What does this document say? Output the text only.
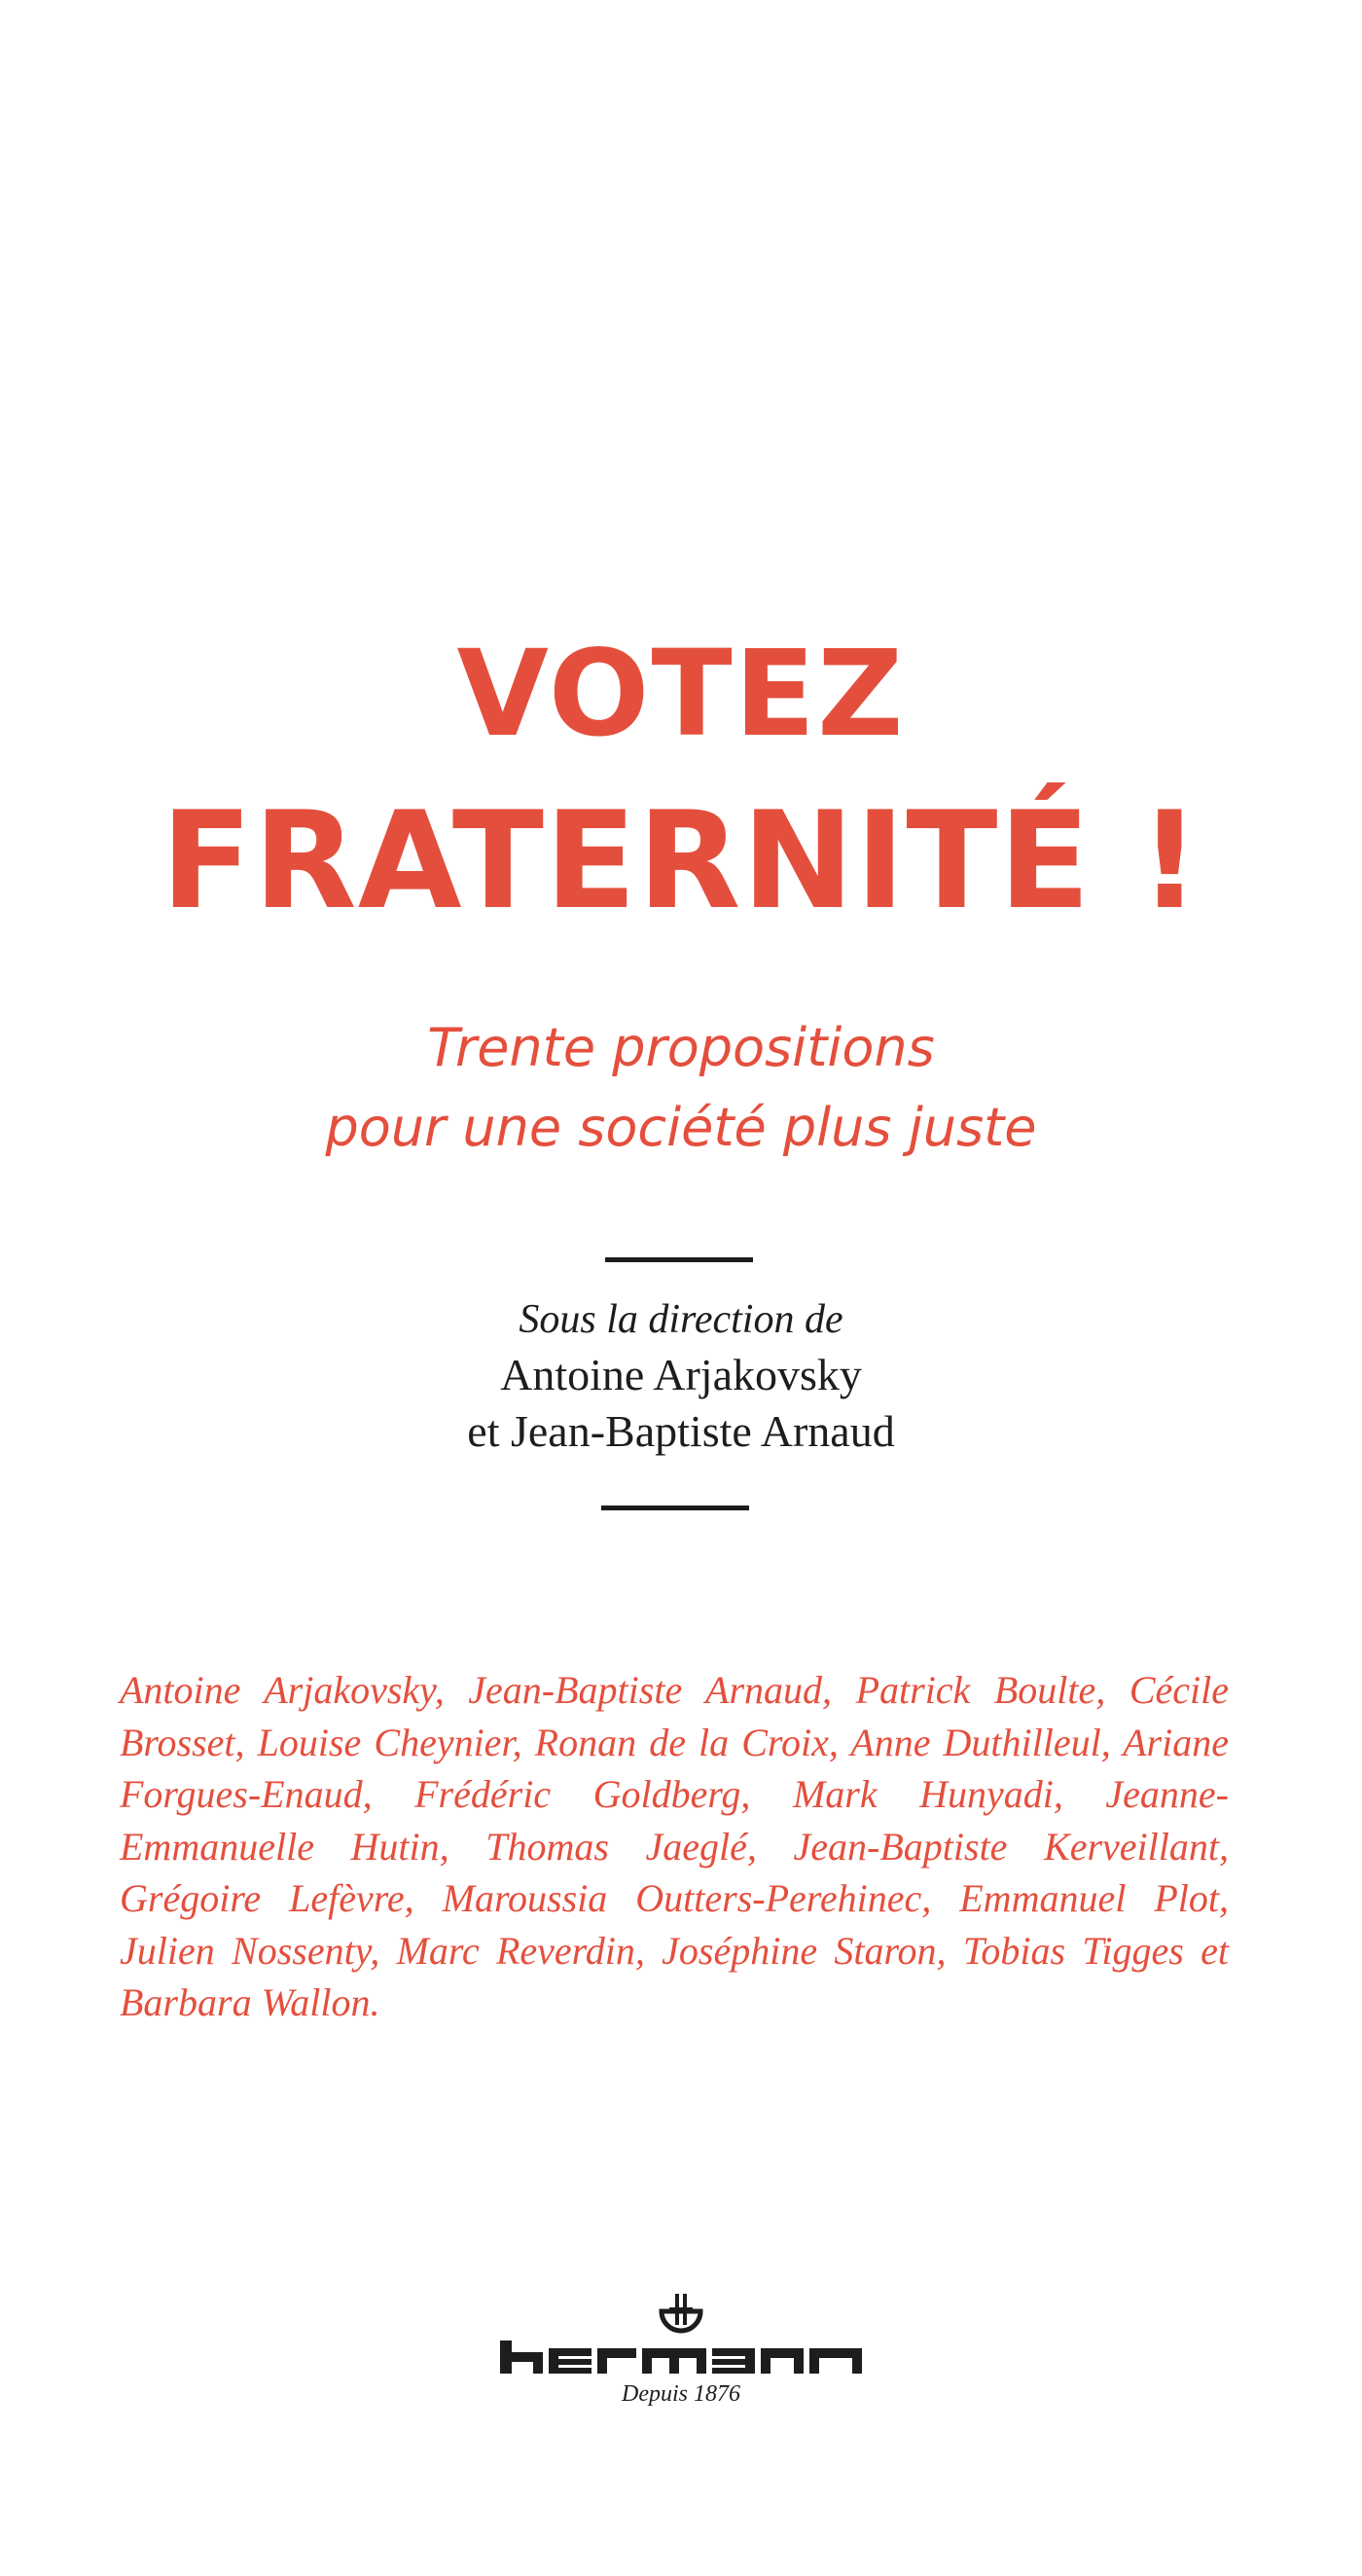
VOTEZ
FRATERNITÉ !

Trente propositions

pour une société plus juste

Sous la direction de

Antoine Arjakovsky

et Jean-Baptiste Arnaud

Antoine Arjakovsky, Jean-Baptiste Arnaud, Patrick Boulte, Cécile Brosset, Louise Cheynier, Ronan de la Croix, Anne Duthilleul, Ariane Forgues-Enaud, Frédéric Goldberg, Mark Hunyadi, Jeanne-Emmanuelle Hutin, Thomas Jaeglé, Jean-Baptiste Kerveillant, Grégoire Lefèvre, Maroussia Outters-Perehinec, Emmanuel Plot, Julien Nossenty, Marc Reverdin, Joséphine Staron, Tobias Tigges et Barbara Wallon.

Depuis 1876
